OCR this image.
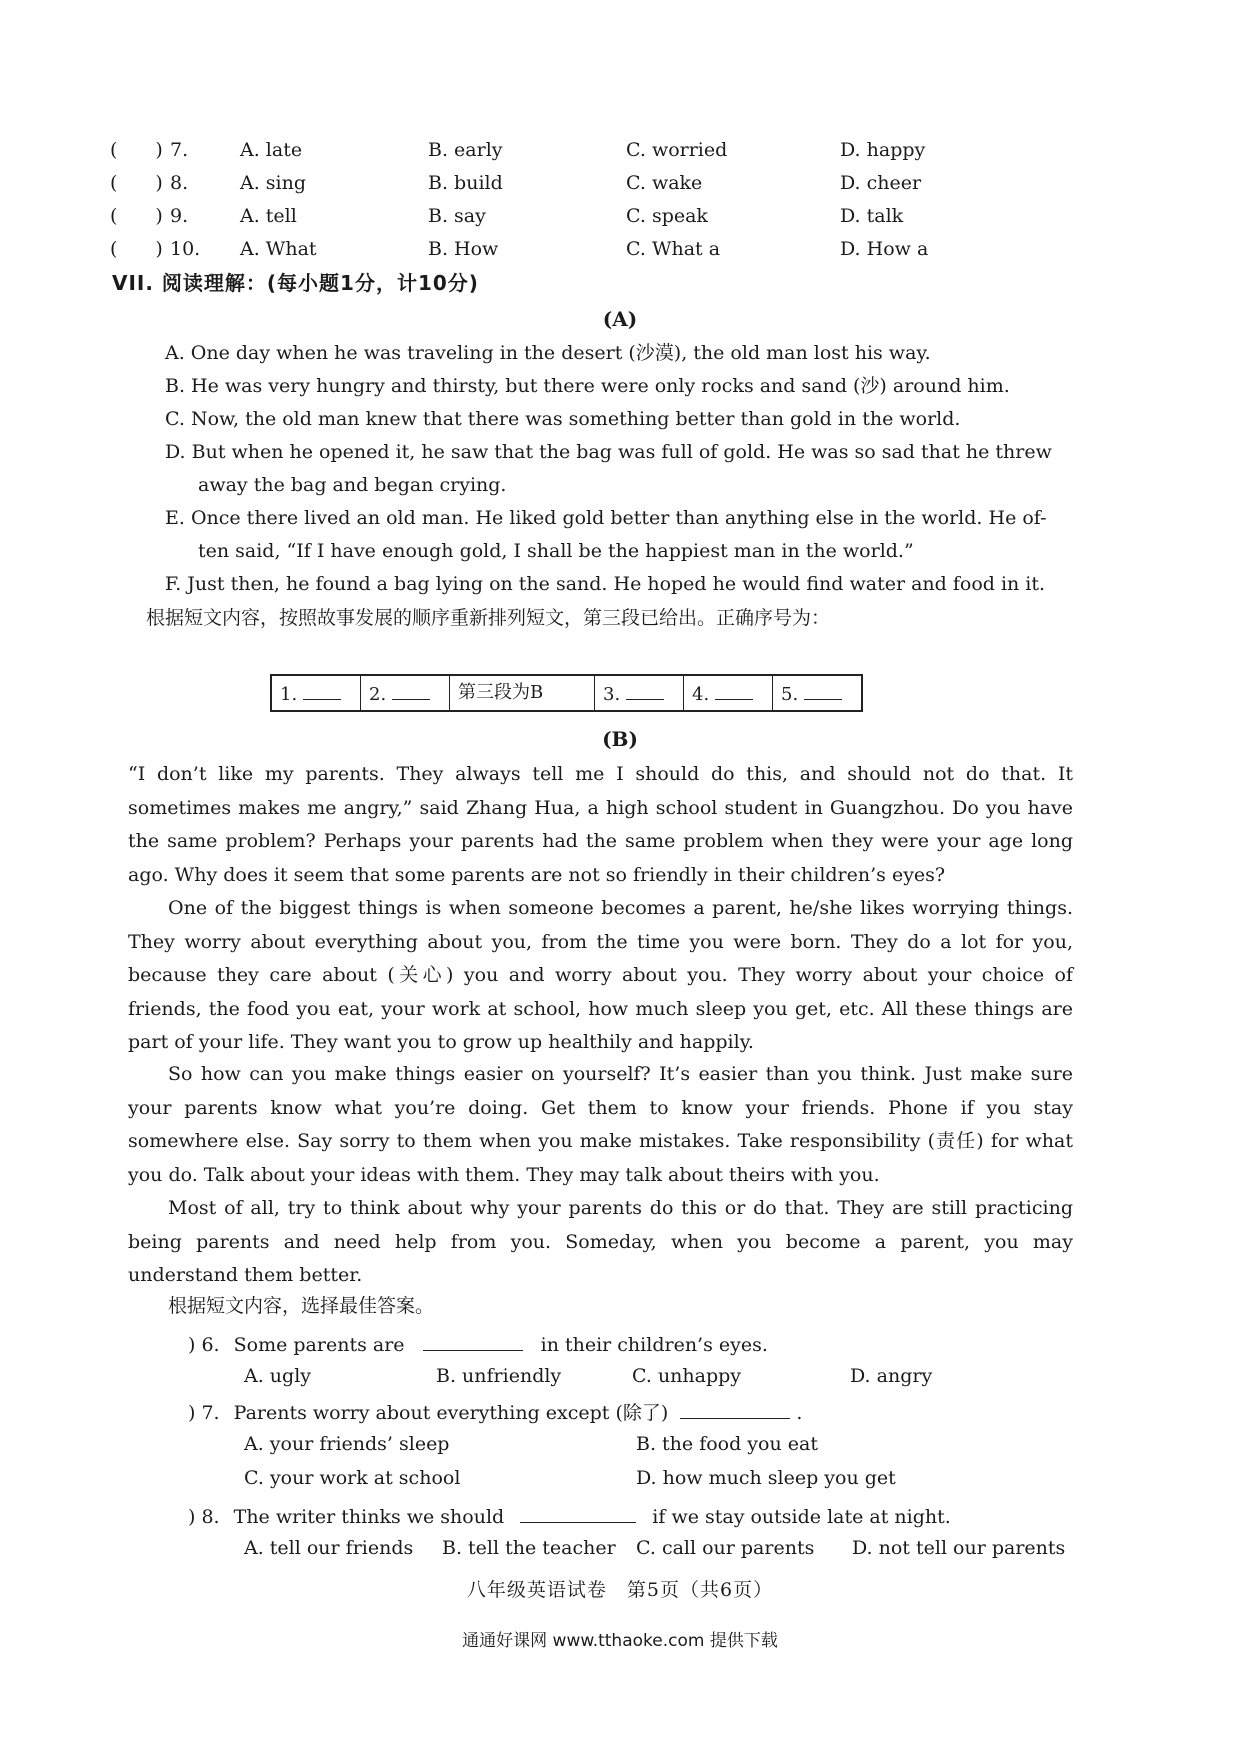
(　　) 7.	A. late	B. early	C. worried	D. happy
(　　) 8.	A. sing	B. build	C. wake	D. cheer
(　　) 9.	A. tell	B. say	C. speak	D. talk
(　　) 10. A. What	B. How	C. What a	D. How a
VII. 阅读理解：(每小题1分，计10分)
(A)
A. One day when he was traveling in the desert (沙漠), the old man lost his way.
B. He was very hungry and thirsty, but there were only rocks and sand (沙) around him.
C. Now, the old man knew that there was something better than gold in the world.
D. But when he opened it, he saw that the bag was full of gold. He was so sad that he threw
away the bag and began crying.
E. Once there lived an old man. He liked gold better than anything else in the world. He of-
ten said, “If I have enough gold, I shall be the happiest man in the world.”
F. Just then, he found a bag lying on the sand. He hoped he would find water and food in it.
根据短文内容，按照故事发展的顺序重新排列短文，第三段已给出。正确序号为：
1.	2.	第三段为B	3.	4.	5.
(B)
“I don’t like my parents. They always tell me I should do this, and should not do that. It sometimes makes me angry,” said Zhang Hua, a high school student in Guangzhou. Do you have the same problem? Perhaps your parents had the same problem when they were your age long ago. Why does it seem that some parents are not so friendly in their children’s eyes?
One of the biggest things is when someone becomes a parent, he/she likes worrying things. They worry about everything about you, from the time you were born. They do a lot for you, because they care about (关心) you and worry about you. They worry about your choice of friends, the food you eat, your work at school, how much sleep you get, etc. All these things are part of your life. They want you to grow up healthily and happily.
So how can you make things easier on yourself? It’s easier than you think. Just make sure your parents know what you’re doing. Get them to know your friends. Phone if you stay somewhere else. Say sorry to them when you make mistakes. Take responsibility (责任) for what you do. Talk about your ideas with them. They may talk about theirs with you.
Most of all, try to think about why your parents do this or do that. They are still practicing being parents and need help from you. Someday, when you become a parent, you may understand them better.
根据短文内容，选择最佳答案。
) 6. Some parents are	in their children’s eyes.
A. ugly	B. unfriendly	C. unhappy	D. angry
) 7. Parents worry about everything except (除了)	.
A. your friends’ sleep	B. the food you eat
C. your work at school	D. how much sleep you get
) 8. The writer thinks we should	if we stay outside late at night.
A. tell our friends B. tell the teacher C. call our parents D. not tell our parents
八年级英语试卷　第5页（共6页）
通通好课网 www.tthaoke.com 提供下载
